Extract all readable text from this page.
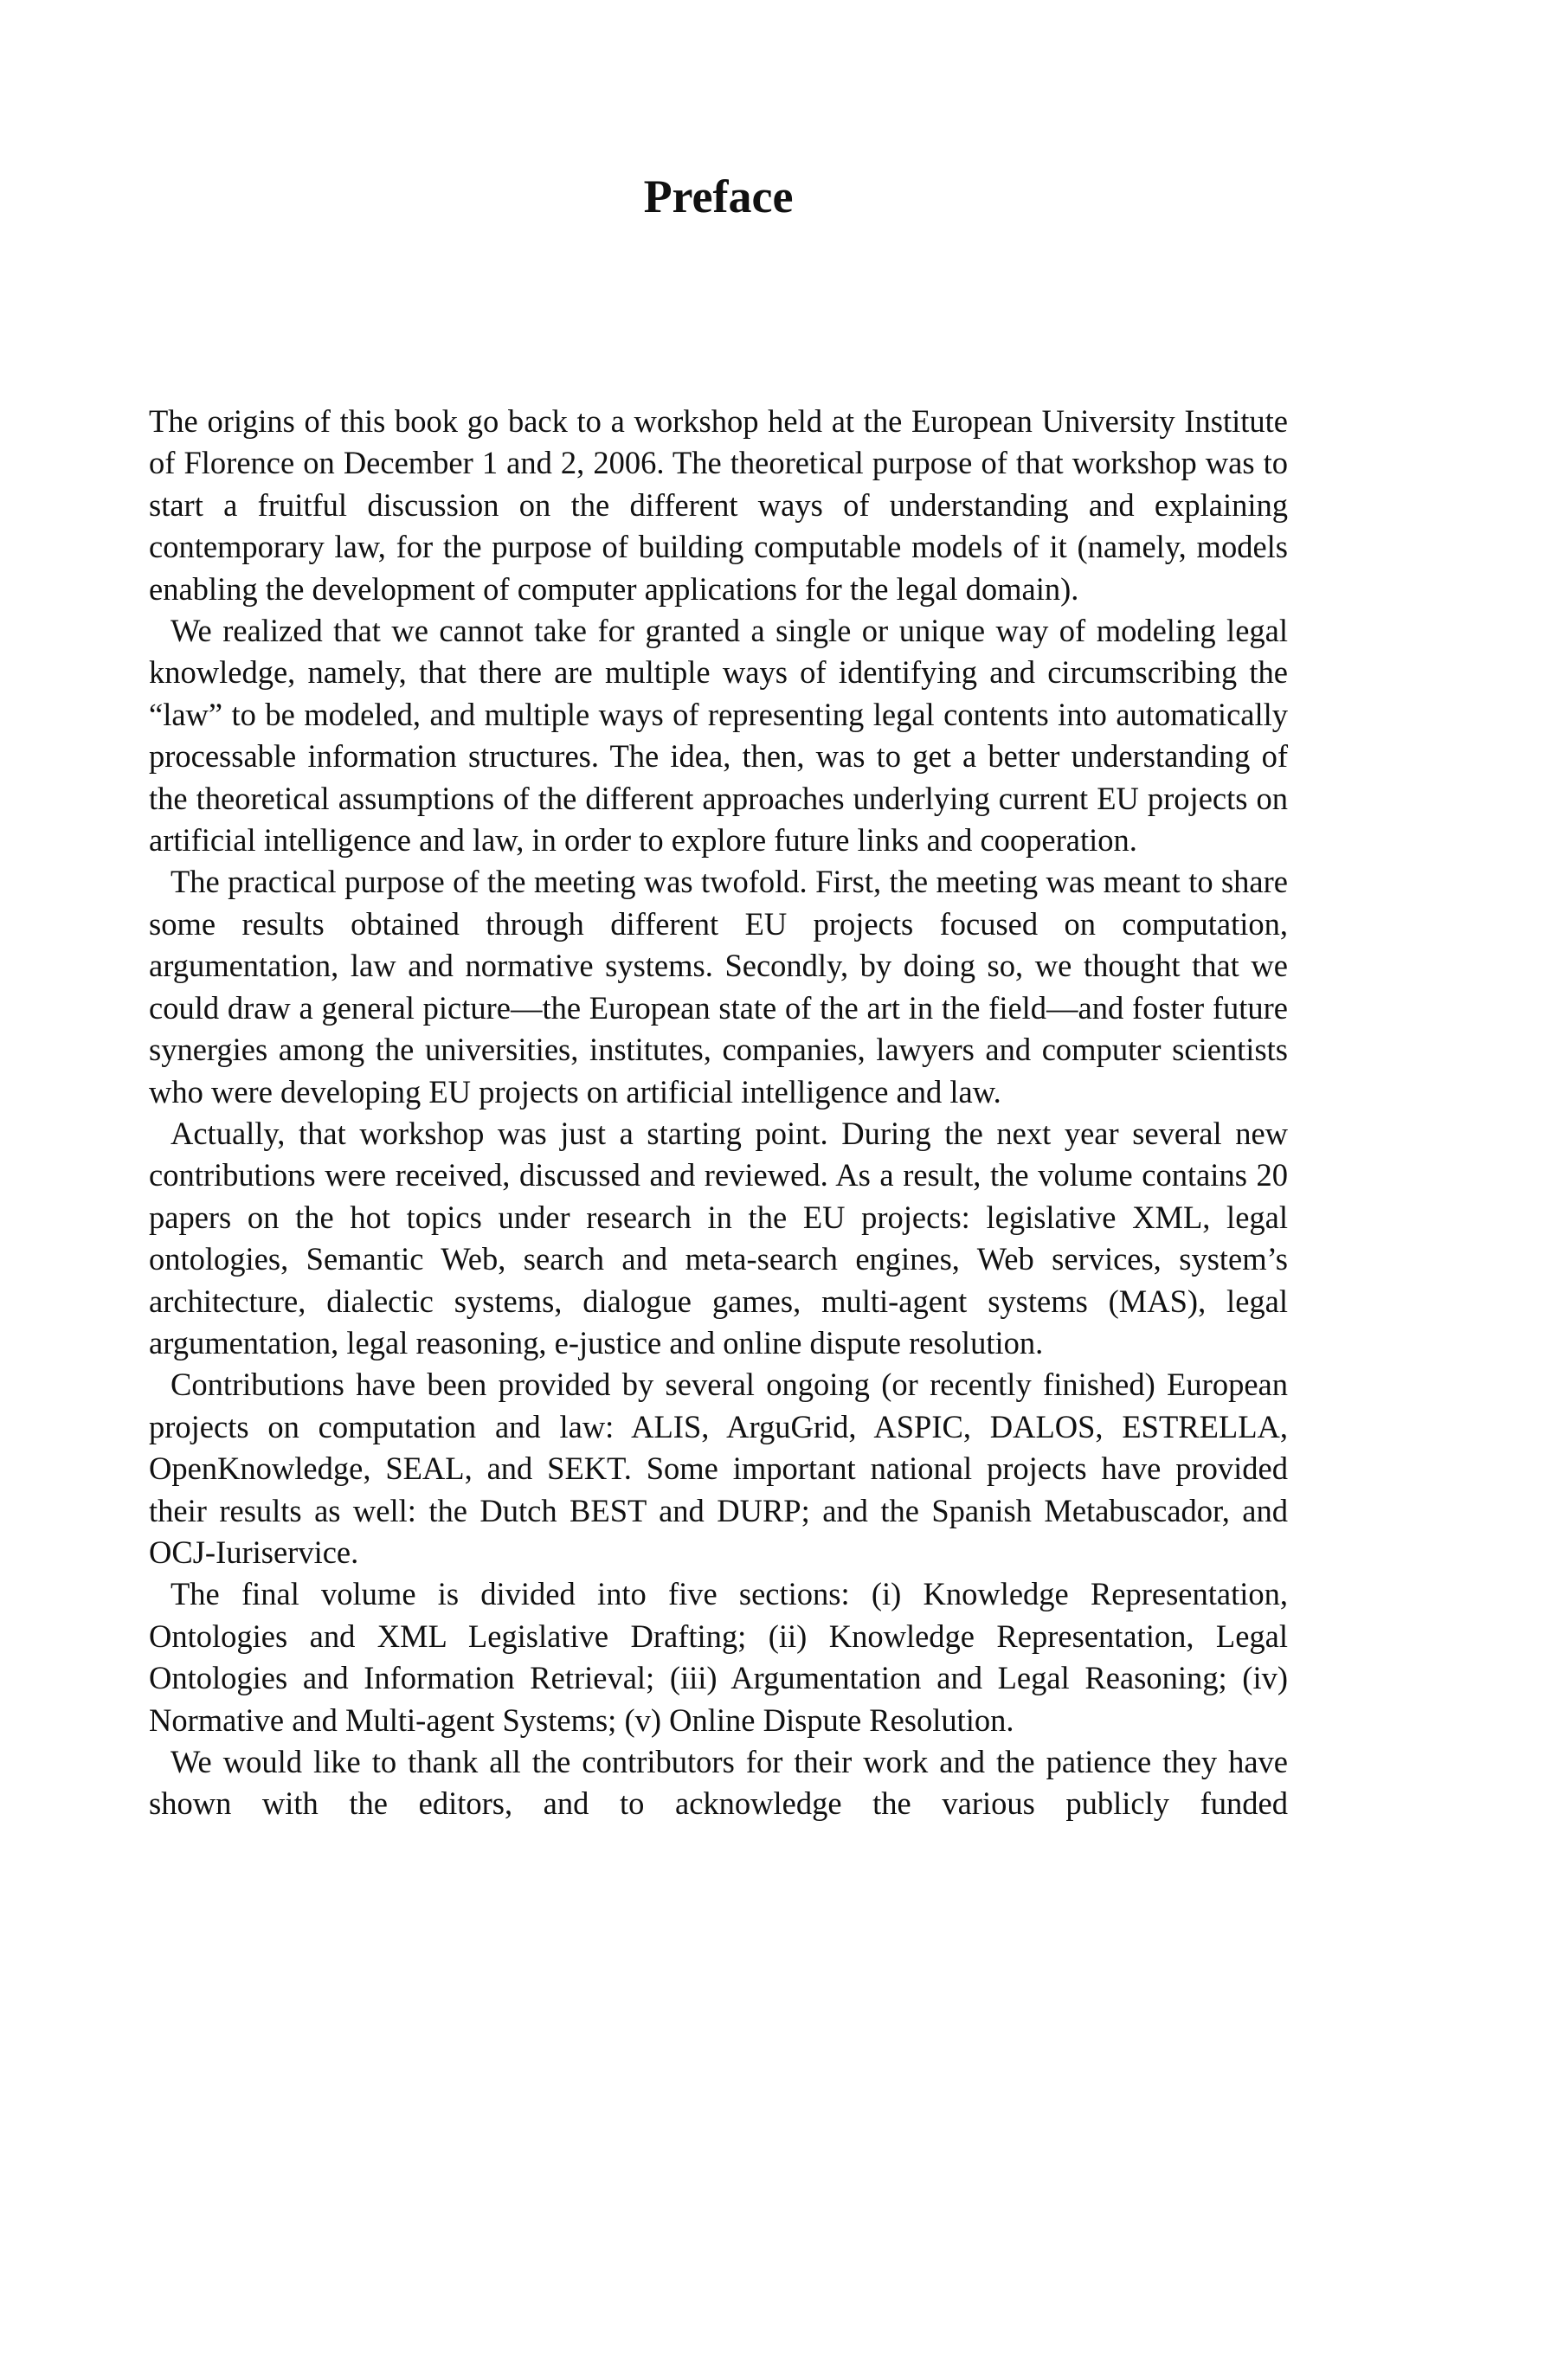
Preface

The origins of this book go back to a workshop held at the European University Institute of Florence on December 1 and 2, 2006. The theoretical purpose of that workshop was to start a fruitful discussion on the different ways of understanding and explaining contemporary law, for the purpose of building computable models of it (namely, models enabling the development of computer applications for the legal domain).

We realized that we cannot take for granted a single or unique way of modeling legal knowledge, namely, that there are multiple ways of identifying and circumscribing the “law” to be modeled, and multiple ways of representing legal contents into automatically processable information structures. The idea, then, was to get a better understanding of the theoretical assumptions of the different approaches underlying current EU projects on artificial intelligence and law, in order to explore future links and cooperation.

The practical purpose of the meeting was twofold. First, the meeting was meant to share some results obtained through different EU projects focused on computation, argumentation, law and normative systems. Secondly, by doing so, we thought that we could draw a general picture—the European state of the art in the field—and foster future synergies among the universities, institutes, companies, lawyers and computer scientists who were developing EU projects on artificial intelligence and law.

Actually, that workshop was just a starting point. During the next year several new contributions were received, discussed and reviewed. As a result, the volume contains 20 papers on the hot topics under research in the EU projects: legislative XML, legal ontologies, Semantic Web, search and meta-search engines, Web services, system’s architecture, dialectic systems, dialogue games, multi-agent systems (MAS), legal argumentation, legal reasoning, e-justice and online dispute resolution.

Contributions have been provided by several ongoing (or recently finished) European projects on computation and law: ALIS, ArguGrid, ASPIC, DALOS, ESTRELLA, OpenKnowledge, SEAL, and SEKT. Some important national projects have provided their results as well: the Dutch BEST and DURP; and the Spanish Metabuscador, and OCJ-Iuriservice.

The final volume is divided into five sections: (i) Knowledge Representation, Ontologies and XML Legislative Drafting; (ii) Knowledge Representation, Legal Ontologies and Information Retrieval; (iii) Argumentation and Legal Reasoning; (iv) Normative and Multi-agent Systems; (v) Online Dispute Resolution.

We would like to thank all the contributors for their work and the patience they have shown with the editors, and to acknowledge the various publicly funded
